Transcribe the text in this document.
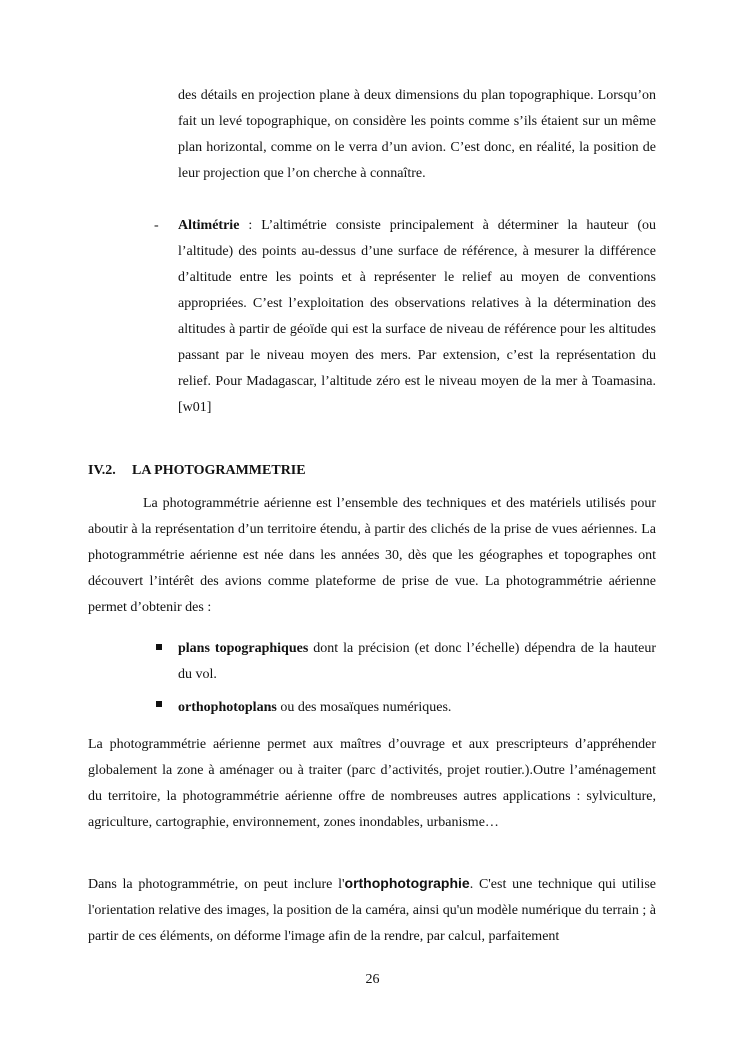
des détails en projection plane à deux dimensions du plan topographique. Lorsqu’on fait un levé topographique, on considère les points comme s’ils étaient sur un même plan horizontal, comme on le verra d’un avion. C’est donc, en réalité, la position de leur projection que l’on cherche à connaître.

- Altimétrie : L’altimétrie consiste principalement à déterminer la hauteur (ou l’altitude) des points au-dessus d’une surface de référence, à mesurer la différence d’altitude entre les points et à représenter le relief au moyen de conventions appropriées. C’est l’exploitation des observations relatives à la détermination des altitudes à partir de géoïde qui est la surface de niveau de référence pour les altitudes passant par le niveau moyen des mers. Par extension, c’est la représentation du relief. Pour Madagascar, l’altitude zéro est le niveau moyen de la mer à Toamasina. [w01]

IV.2. LA PHOTOGRAMMETRIE

La photogrammétrie aérienne est l’ensemble des techniques et des matériels utilisés pour aboutir à la représentation d’un territoire étendu, à partir des clichés de la prise de vues aériennes. La photogrammétrie aérienne est née dans les années 30, dès que les géographes et topographes ont découvert l’intérêt des avions comme plateforme de prise de vue. La photogrammétrie aérienne permet d’obtenir des :

plans topographiques dont la précision (et donc l’échelle) dépendra de la hauteur du vol.

orthophotoplans ou des mosaïques numériques.

La photogrammétrie aérienne permet aux maîtres d’ouvrage et aux prescripteurs d’appréhender globalement la zone à aménager ou à traiter (parc d’activités, projet routier.).Outre l’aménagement du territoire, la photogrammétrie aérienne offre de nombreuses autres applications : sylviculture, agriculture, cartographie, environnement, zones inondables, urbanisme…

Dans la photogrammétrie, on peut inclure l'orthophotographie. C'est une technique qui utilise l'orientation relative des images, la position de la caméra, ainsi qu'un modèle numérique du terrain ; à partir de ces éléments, on déforme l'image afin de la rendre, par calcul, parfaitement

26
